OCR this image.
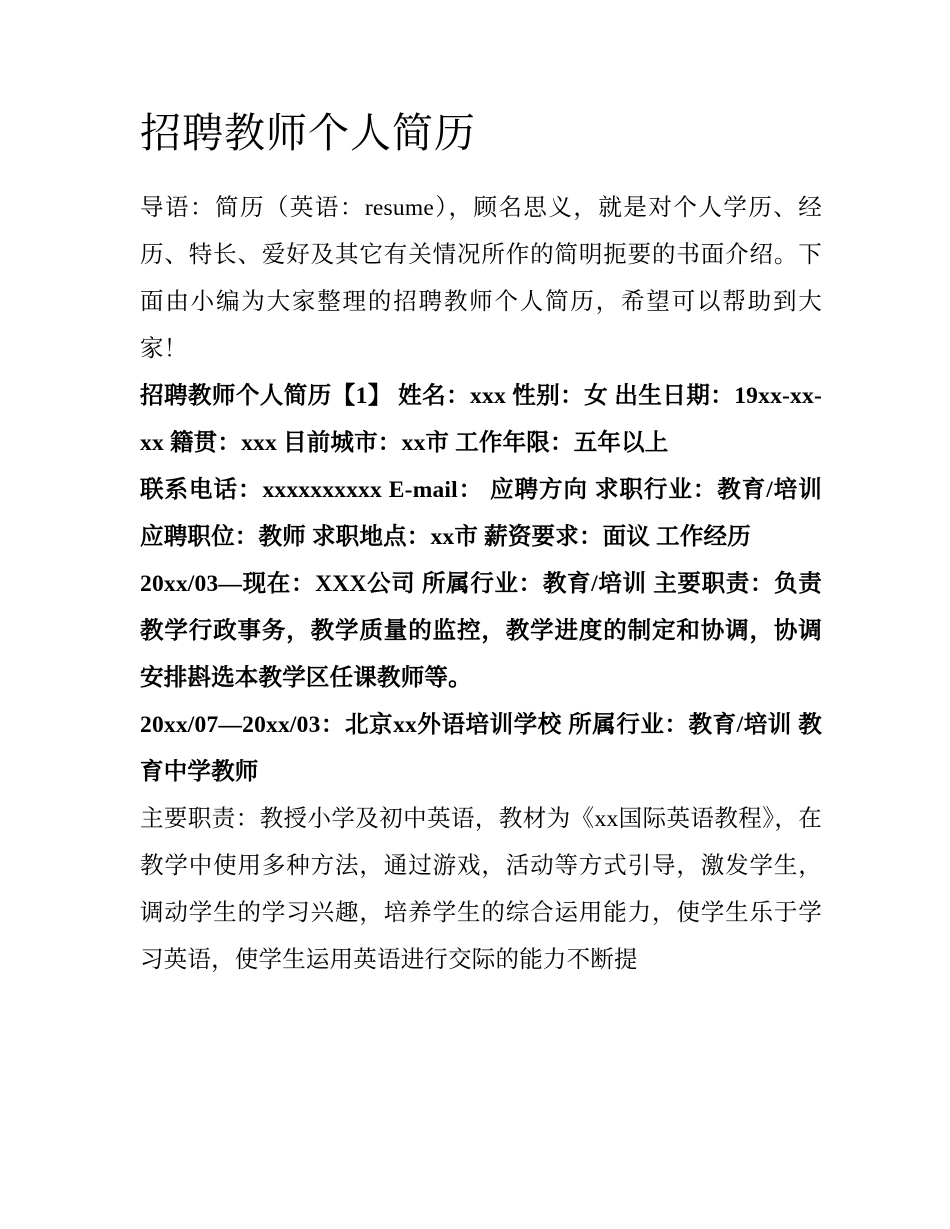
招聘教师个人简历

导语：简历（英语：resume），顾名思义，就是对个人学历、经历、特长、爱好及其它有关情况所作的简明扼要的书面介绍。下面由小编为大家整理的招聘教师个人简历，希望可以帮助到大家！

招聘教师个人简历【1】 姓名：xxx 性别：女 出生日期：19xx-xx-xx 籍贯：xxx 目前城市：xx市 工作年限：五年以上

联系电话：xxxxxxxxxx E-mail： 应聘方向 求职行业：教育/培训 应聘职位：教师 求职地点：xx市 薪资要求：面议 工作经历

20xx/03—现在：XXX公司 所属行业：教育/培训 主要职责：负责教学行政事务，教学质量的监控，教学进度的制定和协调，协调安排斟选本教学区任课教师等。

20xx/07—20xx/03：北京xx外语培训学校 所属行业：教育/培训 教育中学教师

主要职责：教授小学及初中英语，教材为《xx国际英语教程》，在教学中使用多种方法，通过游戏，活动等方式引导，激发学生，调动学生的学习兴趣，培养学生的综合运用能力，使学生乐于学习英语，使学生运用英语进行交际的能力不断提
